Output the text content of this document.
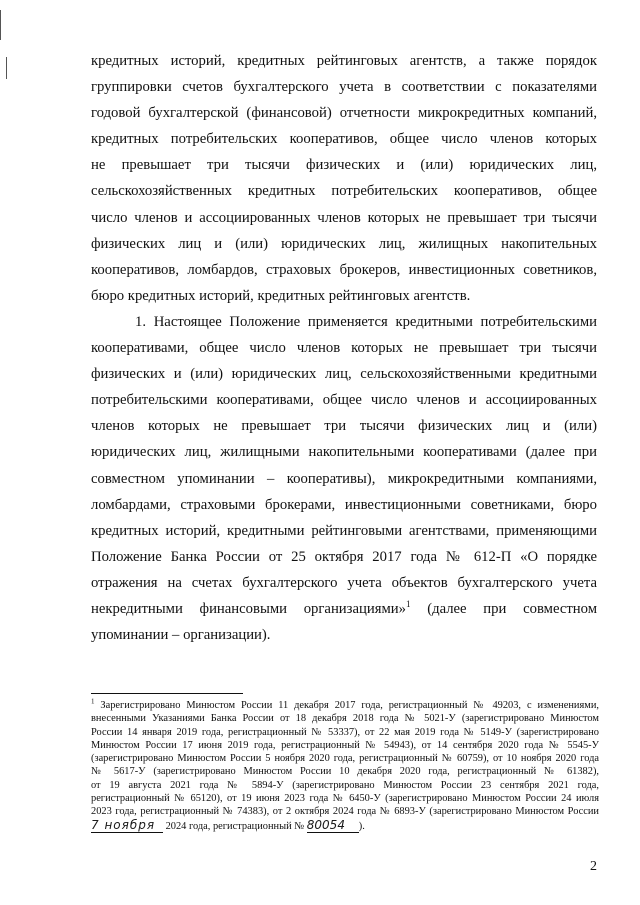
кредитных историй, кредитных рейтинговых агентств, а также порядок
группировки счетов бухгалтерского учета в соответствии с показателями
годовой бухгалтерской (финансовой) отчетности микрокредитных компаний,
кредитных потребительских кооперативов, общее число членов которых
не превышает три тысячи физических и (или) юридических лиц,
сельскохозяйственных кредитных потребительских кооперативов, общее
число членов и ассоциированных членов которых не превышает три тысячи
физических лиц и (или) юридических лиц, жилищных накопительных
кооперативов, ломбардов, страховых брокеров, инвестиционных советников,
бюро кредитных историй, кредитных рейтинговых агентств.

1. Настоящее Положение применяется кредитными потребительскими
кооперативами, общее число членов которых не превышает три тысячи
физических и (или) юридических лиц, сельскохозяйственными кредитными
потребительскими кооперативами, общее число членов и ассоциированных
членов которых не превышает три тысячи физических лиц и (или)
юридических лиц, жилищными накопительными кооперативами (далее при
совместном упоминании – кооперативы), микрокредитными компаниями,
ломбардами, страховыми брокерами, инвестиционными советниками, бюро
кредитных историй, кредитными рейтинговыми агентствами, применяющими
Положение Банка России от 25 октября 2017 года № 612-П «О порядке
отражения на счетах бухгалтерского учета объектов бухгалтерского учета
некредитными финансовыми организациями»$^1$ (далее при совместном
упоминании – организации).

$^1$ Зарегистрировано Минюстом России 11 декабря 2017 года, регистрационный № 49203, с изменениями,
внесенными Указаниями Банка России от 18 декабря 2018 года № 5021-У (зарегистрировано Минюстом
России 14 января 2019 года, регистрационный № 53337), от 22 мая 2019 года № 5149-У (зарегистрировано
Минюстом России 17 июня 2019 года, регистрационный № 54943), от 14 сентября 2020 года № 5545-У
(зарегистрировано Минюстом России 5 ноября 2020 года, регистрационный № 60759), от 10 ноября 2020 года
№ 5617-У (зарегистрировано Минюстом России 10 декабря 2020 года, регистрационный № 61382),
от 19 августа 2021 года № 5894-У (зарегистрировано Минюстом России 23 сентября 2021 года,
регистрационный № 65120), от 19 июня 2023 года № 6450-У (зарегистрировано Минюстом России 24 июля
2023 года, регистрационный № 74383), от 2 октября 2024 года № 6893-У (зарегистрировано Минюстом России
7 ноября 2024 года, регистрационный № 80054 ).
2
